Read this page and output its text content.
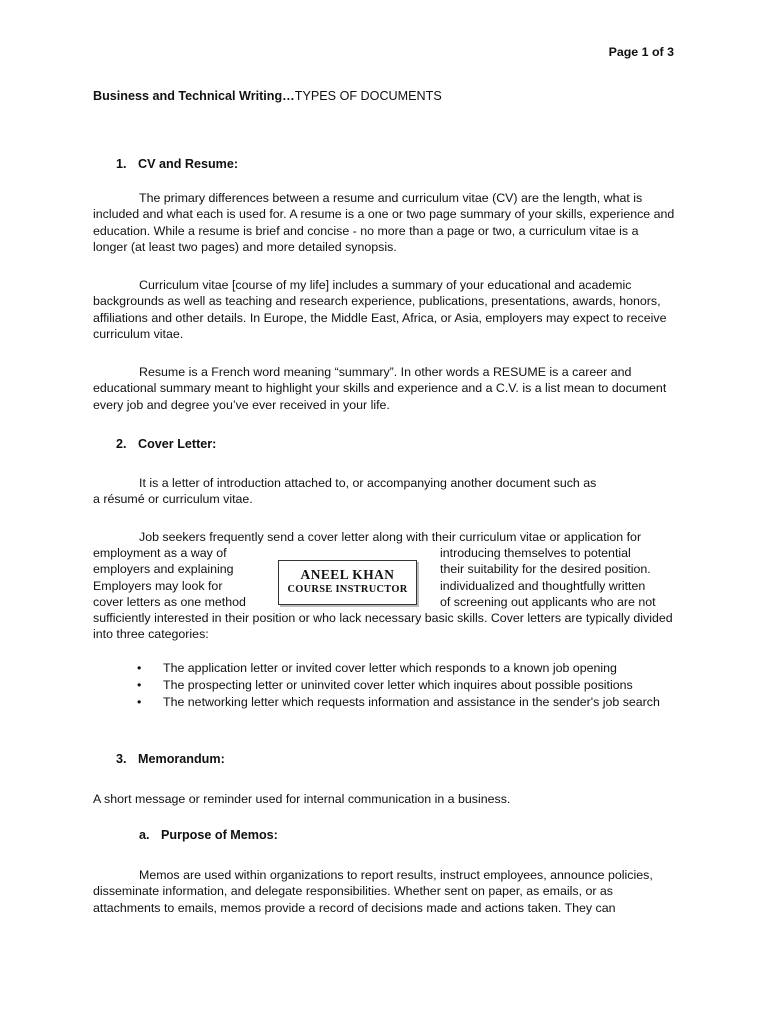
Page 1 of 3
Business and Technical Writing…TYPES OF DOCUMENTS
1. CV and Resume:

The primary differences between a resume and curriculum vitae (CV) are the length, what is included and what each is used for. A resume is a one or two page summary of your skills, experience and education. While a resume is brief and concise - no more than a page or two, a curriculum vitae is a longer (at least two pages) and more detailed synopsis.

Curriculum vitae [course of my life] includes a summary of your educational and academic backgrounds as well as teaching and research experience, publications, presentations, awards, honors, affiliations and other details. In Europe, the Middle East, Africa, or Asia, employers may expect to receive curriculum vitae.

Resume is a French word meaning “summary”. In other words a RESUME is a career and educational summary meant to highlight your skills and experience and a C.V. is a list mean to document every job and degree you’ve ever received in your life.

2. Cover Letter:

It is a letter of introduction attached to, or accompanying another document such as

a résumé or curriculum vitae.

Job seekers frequently send a cover letter along with their curriculum vitae or application for

employment as a way of	introducing themselves to potential
employers and explaining	their suitability for the desired position.
Employers may look for	individualized and thoughtfully written
cover letters as one method	of screening out applicants who are not

sufficiently interested in their position or who lack necessary basic skills. Cover letters are typically divided into three categories:

ANEEL KHAN
COURSE INSTRUCTOR
• The application letter or invited cover letter which responds to a known job opening
• The prospecting letter or uninvited cover letter which inquires about possible positions
• The networking letter which requests information and assistance in the sender's job search
3. Memorandum:

A short message or reminder used for internal communication in a business.

a. Purpose of Memos:

Memos are used within organizations to report results, instruct employees, announce policies, disseminate information, and delegate responsibilities. Whether sent on paper, as emails, or as attachments to emails, memos provide a record of decisions made and actions taken. They can
